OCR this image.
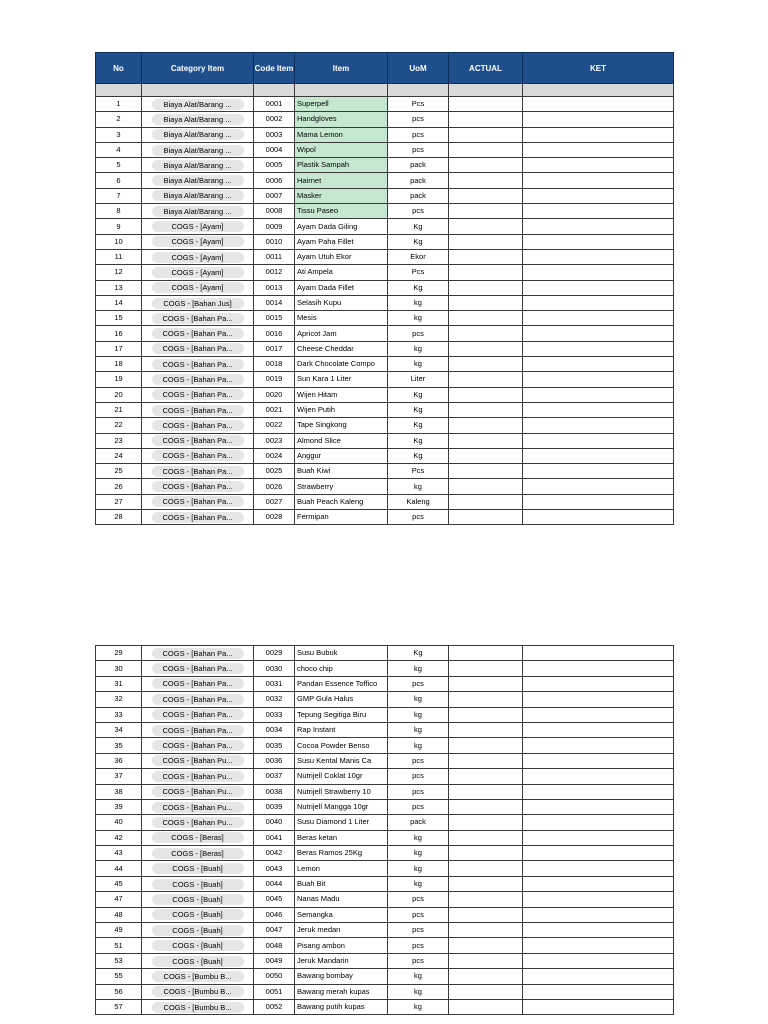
No	Category Item	Code Item	Item	UoM	ACTUAL	KET

1	Biaya Alat/Barang ...	0001	Superpell	Pcs		
2	Biaya Alat/Barang ...	0002	Handgloves	pcs		
3	Biaya Alat/Barang ...	0003	Mama Lemon	pcs		
4	Biaya Alat/Barang ...	0004	Wipol	pcs		
5	Biaya Alat/Barang ...	0005	Plastik Sampah	pack		
6	Biaya Alat/Barang ...	0006	Hairnet	pack		
7	Biaya Alat/Barang ...	0007	Masker	pack		
8	Biaya Alat/Barang ...	0008	Tissu Paseo	pcs		
9	COGS - [Ayam]	0009	Ayam Dada Giling	Kg		
10	COGS - [Ayam]	0010	Ayam Paha Fillet	Kg		
11	COGS - [Ayam]	0011	Ayam Utuh Ekor	Ekor		
12	COGS - [Ayam]	0012	Ati Ampela	Pcs		
13	COGS - [Ayam]	0013	Ayam Dada Fillet	Kg		
14	COGS - [Bahan Jus]	0014	Selasih Kupu	kg		
15	COGS - [Bahan Pa...	0015	Mesis	kg		
16	COGS - [Bahan Pa...	0016	Apricot Jam	pcs		
17	COGS - [Bahan Pa...	0017	Cheese Cheddar	kg		
18	COGS - [Bahan Pa...	0018	Dark Chocolate Compo	kg		
19	COGS - [Bahan Pa...	0019	Sun Kara 1 Liter	Liter		
20	COGS - [Bahan Pa...	0020	Wijen Hitam	Kg		
21	COGS - [Bahan Pa...	0021	Wijen Putih	Kg		
22	COGS - [Bahan Pa...	0022	Tape Singkong	Kg		
23	COGS - [Bahan Pa...	0023	Almond Slice	Kg		
24	COGS - [Bahan Pa...	0024	Anggur	Kg		
25	COGS - [Bahan Pa...	0025	Buah Kiwi	Pcs		
26	COGS - [Bahan Pa...	0026	Strawberry	kg		
27	COGS - [Bahan Pa...	0027	Buah Peach Kaleng	Kaleng		
28	COGS - [Bahan Pa...	0028	Fermipan	pcs		
29	COGS - [Bahan Pa...	0029	Susu Bubuk	Kg		
30	COGS - [Bahan Pa...	0030	choco chip	kg		
31	COGS - [Bahan Pa...	0031	Pandan Essence Toffico	pcs		
32	COGS - [Bahan Pa...	0032	GMP Gula Halus	kg		
33	COGS - [Bahan Pa...	0033	Tepung Segitiga Biru	kg		
34	COGS - [Bahan Pa...	0034	Rap Instant	kg		
35	COGS - [Bahan Pa...	0035	Cocoa Powder Benso	kg		
36	COGS - [Bahan Pu...	0036	Susu Kental Manis Ca	pcs		
37	COGS - [Bahan Pu...	0037	Nutrijell Coklat 10gr	pcs		
38	COGS - [Bahan Pu...	0038	Nutrijell Strawberry 10	pcs		
39	COGS - [Bahan Pu...	0039	Nutrijell Mangga 10gr	pcs		
40	COGS - [Bahan Pu...	0040	Susu Diamond 1 Liter	pack		
42	COGS - [Beras]	0041	Beras ketan	kg		
43	COGS - [Beras]	0042	Beras Ramos 25Kg	kg		
44	COGS - [Buah]	0043	Lemon	kg		
45	COGS - [Buah]	0044	Buah Bit	kg		
47	COGS - [Buah]	0045	Nanas Madu	pcs		
48	COGS - [Buah]	0046	Semangka	pcs		
49	COGS - [Buah]	0047	Jeruk medan	pcs		
51	COGS - [Buah]	0048	Pisang ambon	pcs		
53	COGS - [Buah]	0049	Jeruk Mandarin	pcs		
55	COGS - [Bumbu B...	0050	Bawang bombay	kg		
56	COGS - [Bumbu B...	0051	Bawang merah kupas	kg		
57	COGS - [Bumbu B...	0052	Bawang putih kupas	kg		
